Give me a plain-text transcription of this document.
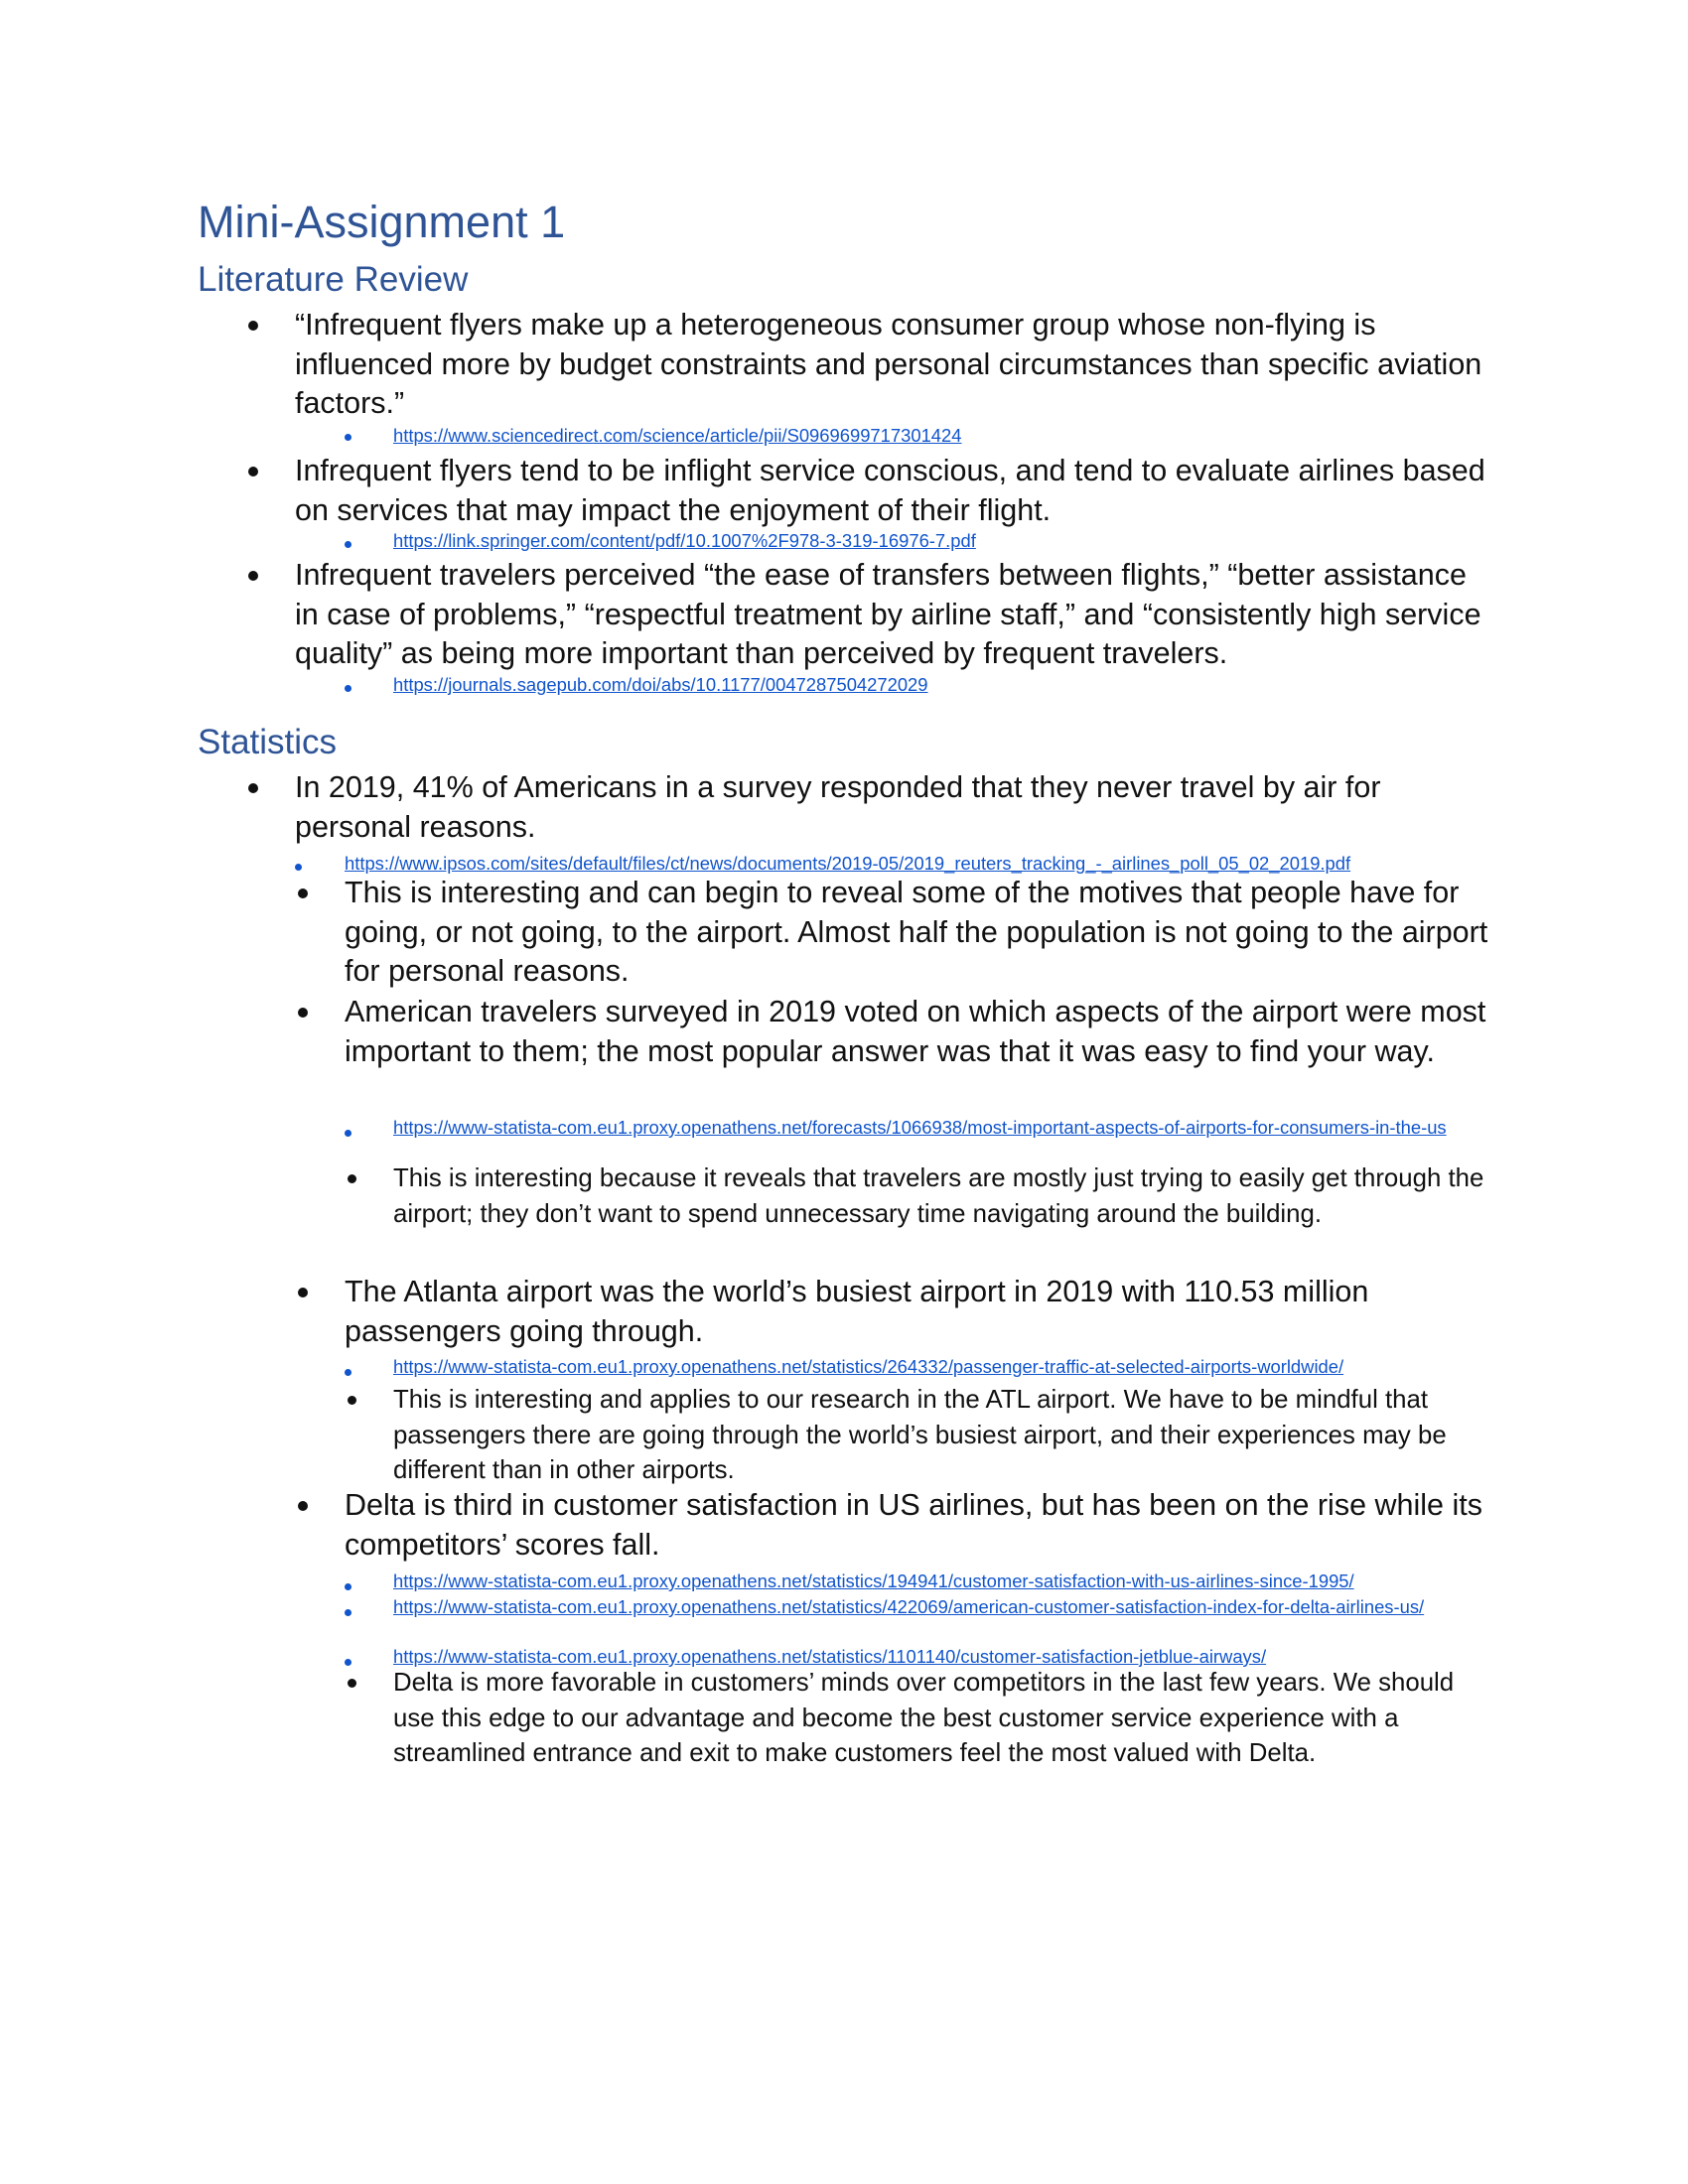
Mini-Assignment 1
Literature Review
“Infrequent flyers make up a heterogeneous consumer group whose non-flying is influenced more by budget constraints and personal circumstances than specific aviation factors.”
https://www.sciencedirect.com/science/article/pii/S0969699717301424
Infrequent flyers tend to be inflight service conscious, and tend to evaluate airlines based on services that may impact the enjoyment of their flight.
https://link.springer.com/content/pdf/10.1007%2F978-3-319-16976-7.pdf
Infrequent travelers perceived “the ease of transfers between flights,” “better assistance in case of problems,” “respectful treatment by airline staff,” and “consistently high service quality” as being more important than perceived by frequent travelers.
https://journals.sagepub.com/doi/abs/10.1177/0047287504272029
Statistics
In 2019, 41% of Americans in a survey responded that they never travel by air for personal reasons.
https://www.ipsos.com/sites/default/files/ct/news/documents/2019-05/2019_reuters_tracking_-_airlines_poll_05_02_2019.pdf
This is interesting and can begin to reveal some of the motives that people have for going, or not going, to the airport. Almost half the population is not going to the airport for personal reasons.
American travelers surveyed in 2019 voted on which aspects of the airport were most important to them; the most popular answer was that it was easy to find your way.
https://www-statista-com.eu1.proxy.openathens.net/forecasts/1066938/most-important-aspects-of-airports-for-consumers-in-the-us
This is interesting because it reveals that travelers are mostly just trying to easily get through the airport; they don’t want to spend unnecessary time navigating around the building.
The Atlanta airport was the world’s busiest airport in 2019 with 110.53 million passengers going through.
https://www-statista-com.eu1.proxy.openathens.net/statistics/264332/passenger-traffic-at-selected-airports-worldwide/
This is interesting and applies to our research in the ATL airport. We have to be mindful that passengers there are going through the world’s busiest airport, and their experiences may be different than in other airports.
Delta is third in customer satisfaction in US airlines, but has been on the rise while its competitors’ scores fall.
https://www-statista-com.eu1.proxy.openathens.net/statistics/194941/customer-satisfaction-with-us-airlines-since-1995/
https://www-statista-com.eu1.proxy.openathens.net/statistics/422069/american-customer-satisfaction-index-for-delta-airlines-us/
https://www-statista-com.eu1.proxy.openathens.net/statistics/1101140/customer-satisfaction-jetblue-airways/
Delta is more favorable in customers’ minds over competitors in the last few years. We should use this edge to our advantage and become the best customer service experience with a streamlined entrance and exit to make customers feel the most valued with Delta.
